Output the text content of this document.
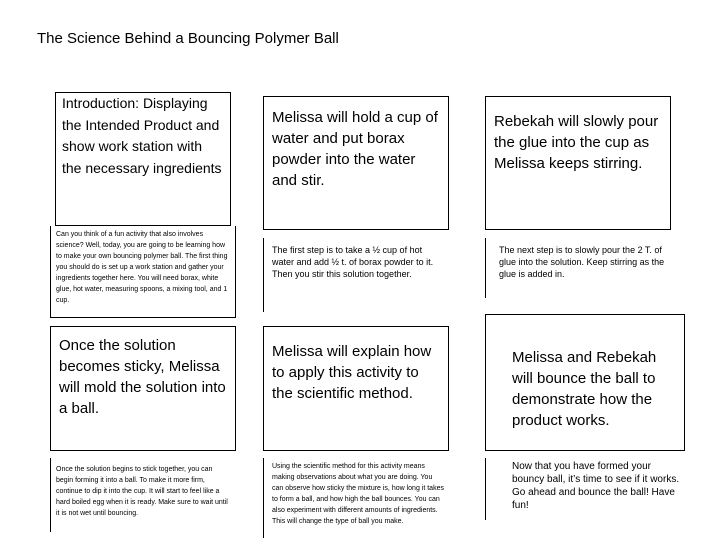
The Science Behind a Bouncing Polymer Ball
Introduction: Displaying the Intended Product and show work station with the necessary ingredients
Can you think of a fun activity that also involves science? Well, today, you are going to be learning how to make your own bouncing polymer ball. The first thing you should do is set up a work station and gather your ingredients together here. You will need borax, white glue, hot water, measuring spoons, a mixing tool, and 1 cup.
Melissa will hold a cup of water and put borax powder into the water and stir.
The first step is to take a ½ cup of hot water and add ½ t. of borax powder to it. Then you stir this solution together.
Rebekah will slowly pour the glue into the cup as Melissa keeps stirring.
The next step is to slowly pour the 2 T. of glue into the solution. Keep stirring as the glue is added in.
Once the solution becomes sticky, Melissa will mold the solution into a ball.
Once the solution begins to stick together, you can begin forming it into a ball. To make it more firm, continue to dip it into the cup. It will start to feel like a hard boiled egg when it is ready. Make sure to wait until it is not wet until bouncing.
Melissa will explain how to apply this activity to the scientific method.
Using the scientific method for this activity means making observations about what you are doing. You can observe how sticky the mixture is, how long it takes to form a ball, and how high the ball bounces. You can also experiment with different amounts of ingredients. This will change the type of ball you make.
Melissa and Rebekah will bounce the ball to demonstrate how the product works.
Now that you have formed your bouncy ball, it’s time to see if it works. Go ahead and bounce the ball! Have fun!
